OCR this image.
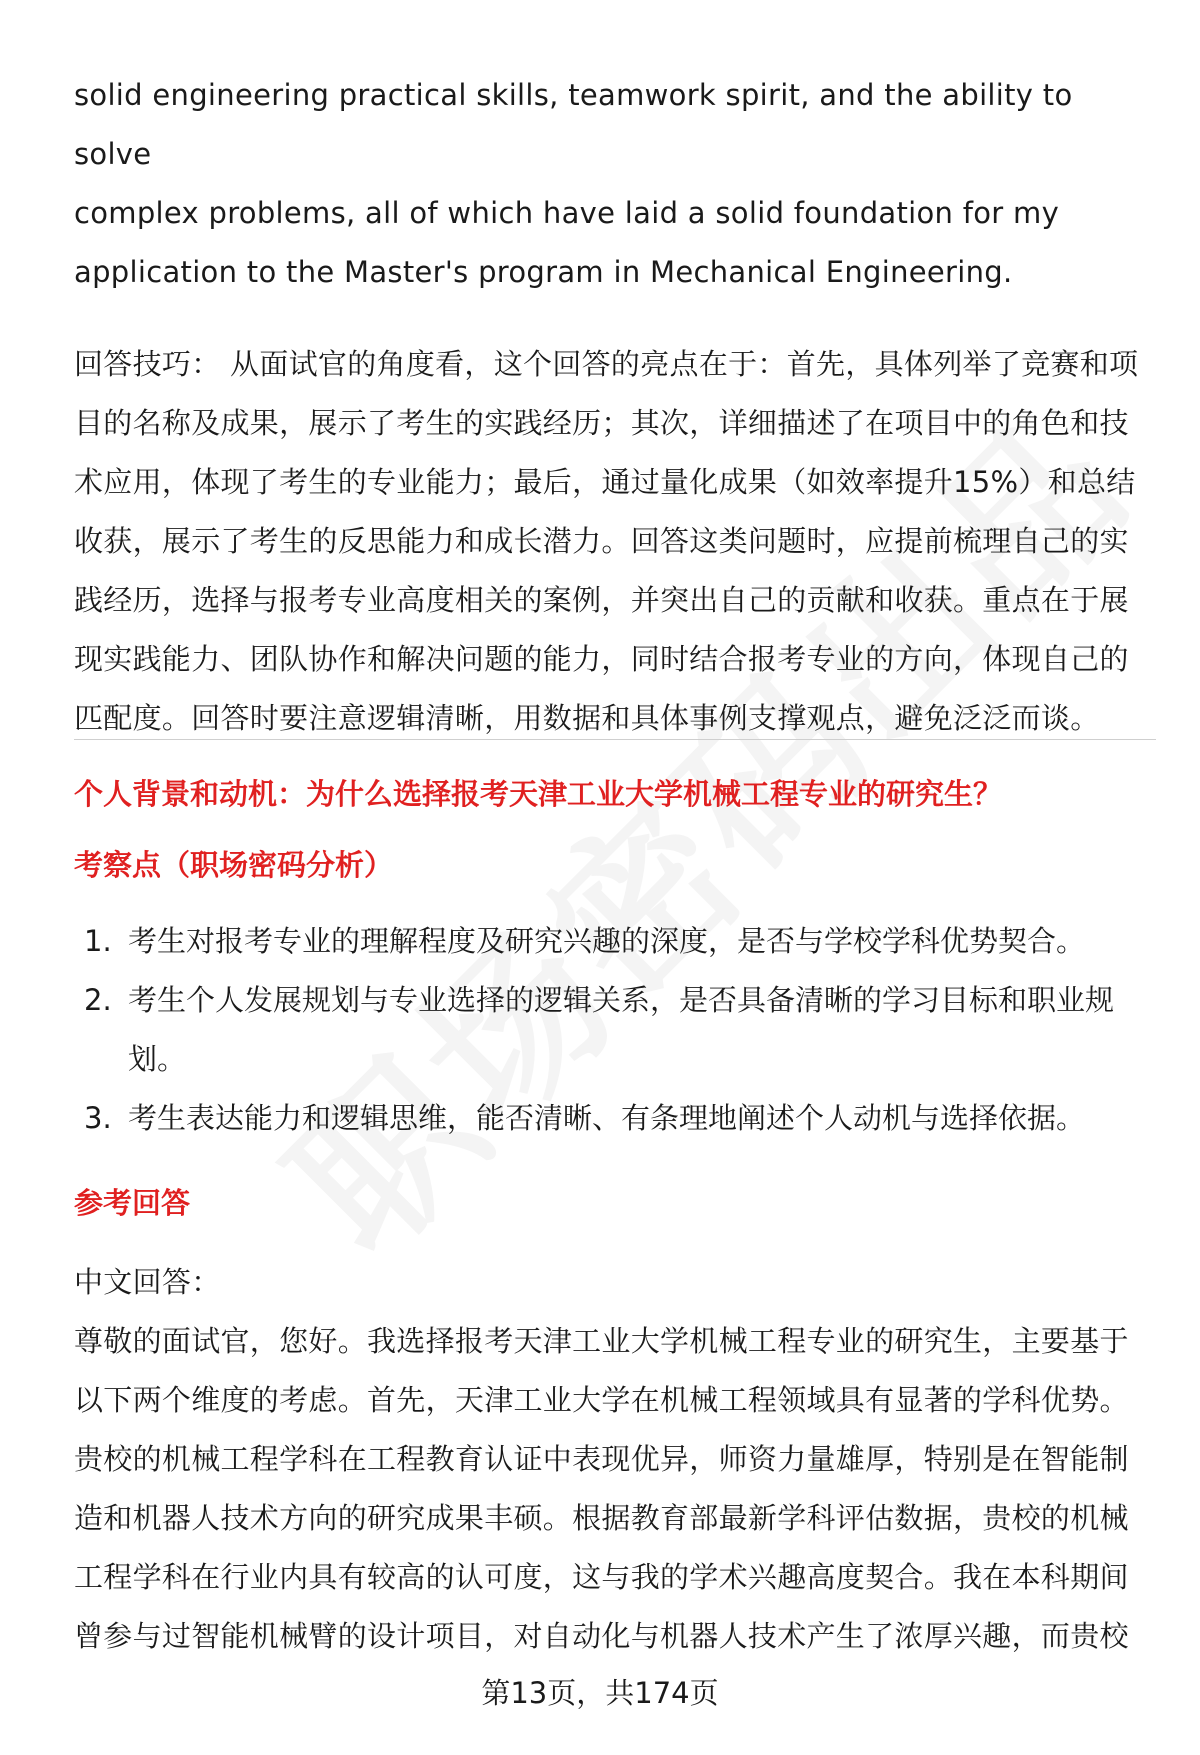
solid engineering practical skills, teamwork spirit, and the ability to solve

complex problems, all of which have laid a solid foundation for my

application to the Master's program in Mechanical Engineering.

回答技巧： 从面试官的角度看，这个回答的亮点在于：首先，具体列举了竞赛和项

目的名称及成果，展示了考生的实践经历；其次，详细描述了在项目中的角色和技

术应用，体现了考生的专业能力；最后，通过量化成果（如效率提升15%）和总结

收获，展示了考生的反思能力和成长潜力。回答这类问题时，应提前梳理自己的实

践经历，选择与报考专业高度相关的案例，并突出自己的贡献和收获。重点在于展

现实践能力、团队协作和解决问题的能力，同时结合报考专业的方向，体现自己的

匹配度。回答时要注意逻辑清晰，用数据和具体事例支撑观点，避免泛泛而谈。

个人背景和动机：为什么选择报考天津工业大学机械工程专业的研究生？
考察点（职场密码分析）
1. 考生对报考专业的理解程度及研究兴趣的深度，是否与学校学科优势契合。
2. 考生个人发展规划与专业选择的逻辑关系，是否具备清晰的学习目标和职业规
划。
3. 考生表达能力和逻辑思维，能否清晰、有条理地阐述个人动机与选择依据。
参考回答

中文回答：

尊敬的面试官，您好。我选择报考天津工业大学机械工程专业的研究生，主要基于

以下两个维度的考虑。首先，天津工业大学在机械工程领域具有显著的学科优势。

贵校的机械工程学科在工程教育认证中表现优异，师资力量雄厚，特别是在智能制

造和机器人技术方向的研究成果丰硕。根据教育部最新学科评估数据，贵校的机械

工程学科在行业内具有较高的认可度，这与我的学术兴趣高度契合。我在本科期间

曾参与过智能机械臂的设计项目，对自动化与机器人技术产生了浓厚兴趣，而贵校

第13页，共174页
